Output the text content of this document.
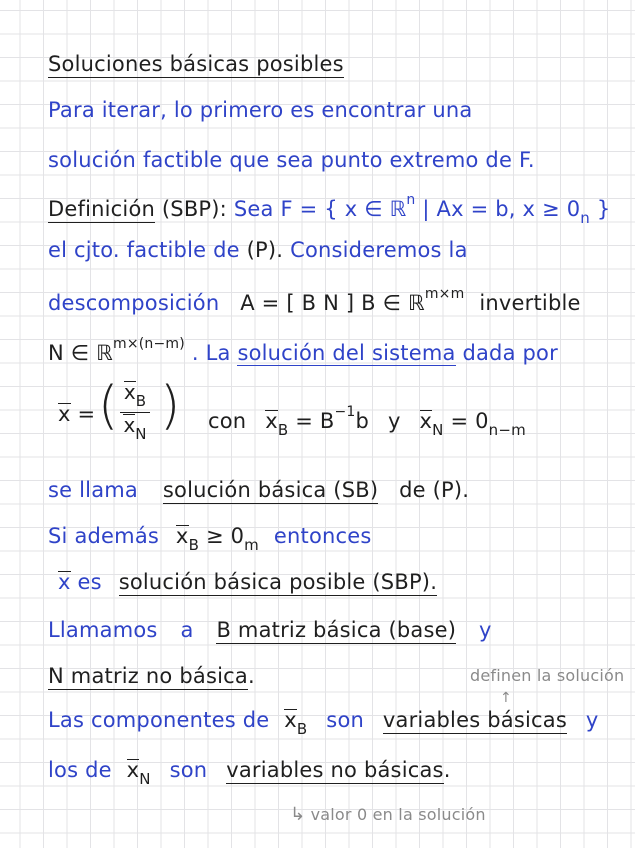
Soluciones básicas posibles
Para iterar, lo primero es encontrar una
solución factible que sea punto extremo de F.
Definición (SBP): Sea F = { x ∈ ℝ$^n$ | Ax = b, $x \ge 0_n$ }
el cjto. factible de (P). Consideremos la
descomposición A = [ B N ] B ∈ ℝ$^{m\times m}$ invertible
N ∈ ℝ$^{m\times(n-m)}$ . La solución del sistema dada por
x = ( $\frac{x_B}{x_N}$ ) con $x_B = B^{-1}b$ y $x_N = 0_{n-m}$
se llama solución básica (SB) de (P).
Si además $x_B \ge 0_m$ entonces
x es solución básica posible (SBP).
Llamamos a B matriz básica (base) y
N matriz no básica.	definen la solución
↑
Las componentes de $x_B$ son variables básicas y
los de $x_N$ son variables no básicas.
↳ valor 0 en la solución
